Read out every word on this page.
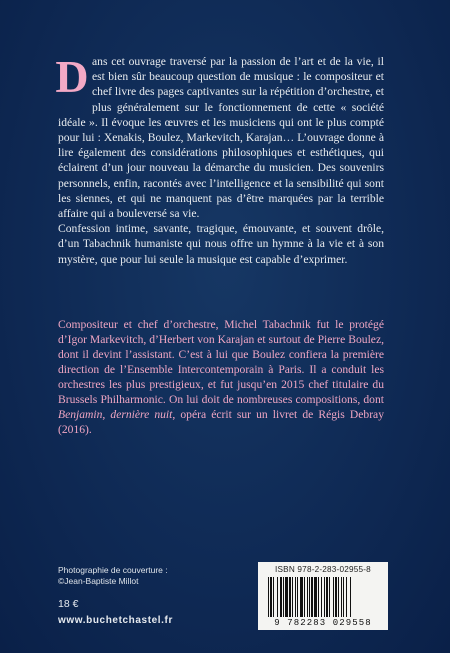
Dans cet ouvrage traversé par la passion de l’art et de la vie, il est bien sûr beaucoup question de musique : le compositeur et chef livre des pages captivantes sur la répétition d’orchestre, et plus généralement sur le fonctionnement de cette « société idéale ». Il évoque les œuvres et les musiciens qui ont le plus compté pour lui : Xenakis, Boulez, Markevitch, Karajan… L’ouvrage donne à lire également des considérations philosophiques et esthétiques, qui éclairent d’un jour nouveau la démarche du musicien. Des souvenirs personnels, enfin, racontés avec l’intelligence et la sensibilité qui sont les siennes, et qui ne manquent pas d’être marquées par la terrible affaire qui a bouleversé sa vie.

Confession intime, savante, tragique, émouvante, et souvent drôle, d’un Tabachnik humaniste qui nous offre un hymne à la vie et à son mystère, que pour lui seule la musique est capable d’exprimer.

Compositeur et chef d’orchestre, Michel Tabachnik fut le protégé d’Igor Markevitch, d’Herbert von Karajan et surtout de Pierre Boulez, dont il devint l’assistant. C’est à lui que Boulez confiera la première direction de l’Ensemble Intercontemporain à Paris. Il a conduit les orchestres les plus prestigieux, et fut jusqu’en 2015 chef titulaire du Brussels Philharmonic. On lui doit de nombreuses compositions, dont Benjamin, dernière nuit, opéra écrit sur un livret de Régis Debray (2016).

Photographie de couverture :
©Jean-Baptiste Millot
18 €
www.buchetchastel.fr
ISBN 978-2-283-02955-8
9 782283 029558
